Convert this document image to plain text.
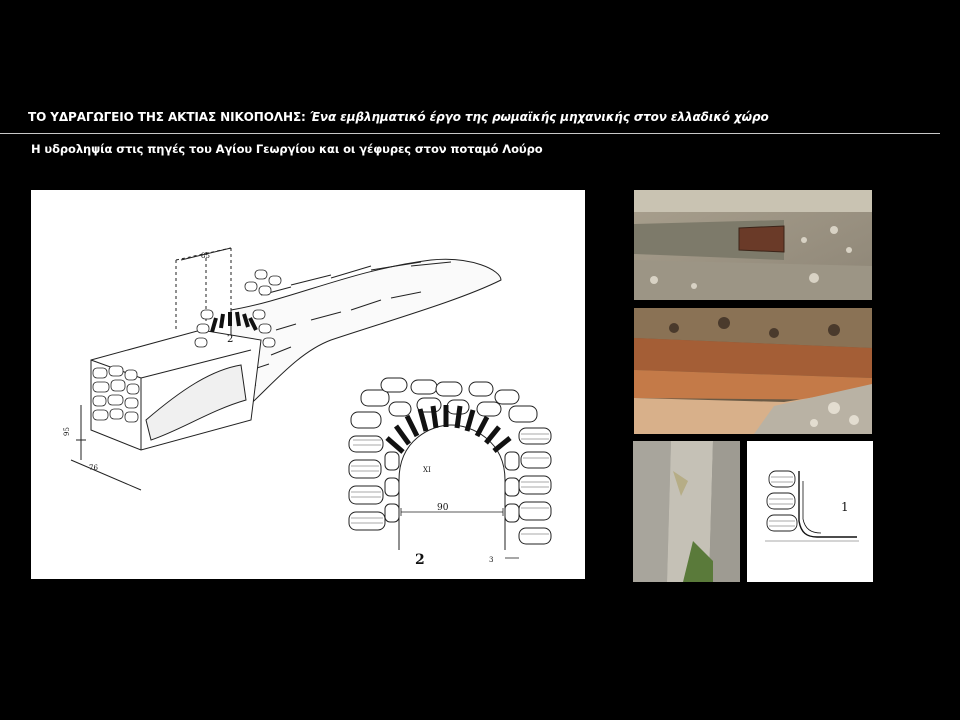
ΤΟ ΥΔΡΑΓΩΓΕΙΟ ΤΗΣ ΑΚΤΙΑΣ ΝΙΚΟΠΟΛΗΣ: Ένα εμβληματικό έργο της ρωμαϊκής μηχανικής στον ελλαδικό χώρο
Η υδροληψία στις πηγές του Αγίου Γεωργίου και οι γέφυρες στον ποταμό Λούρο
2
85
95
76
90
XI
3
2
1
